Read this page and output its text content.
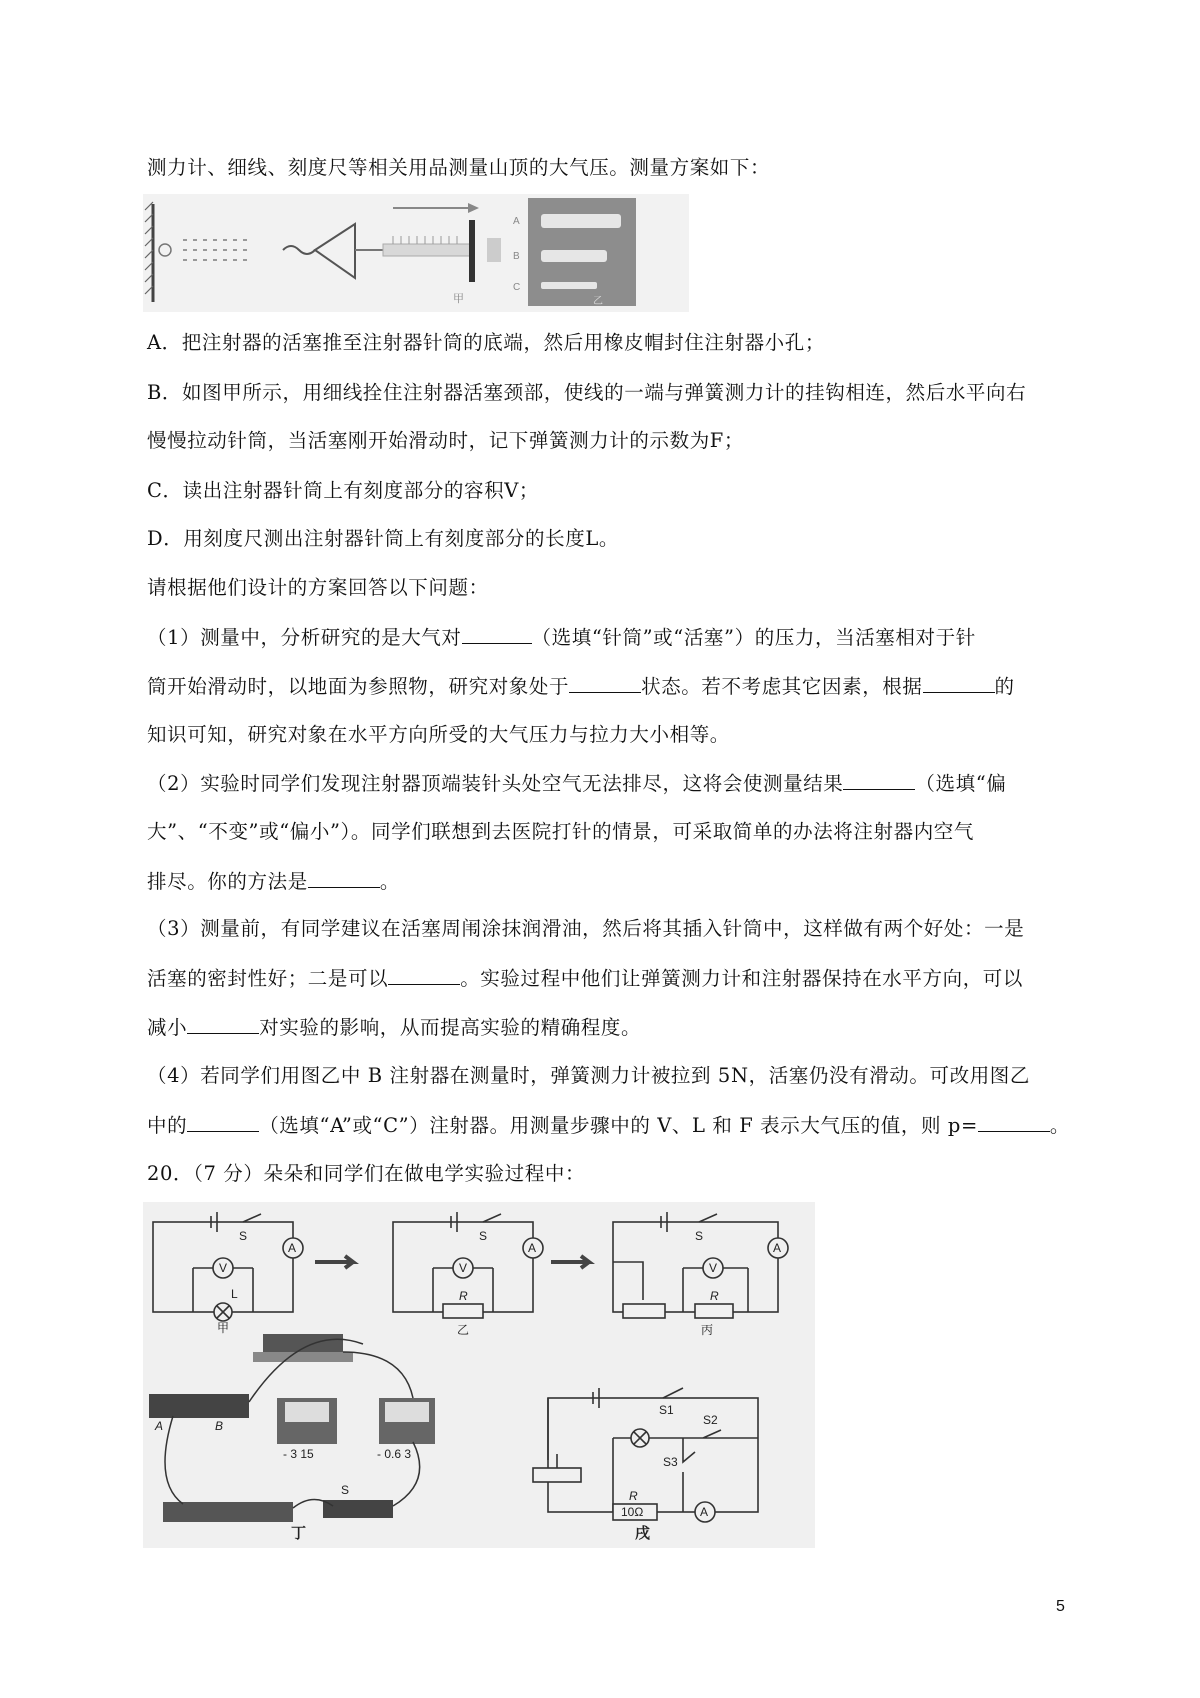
测力计、细线、刻度尺等相关用品测量山顶的大气压。测量方案如下：
甲
A
B
C
乙
A．把注射器的活塞推至注射器针筒的底端，然后用橡皮帽封住注射器小孔；
B．如图甲所示，用细线拴住注射器活塞颈部，使线的一端与弹簧测力计的挂钩相连，然后水平向右
慢慢拉动针筒，当活塞刚开始滑动时，记下弹簧测力计的示数为F；
C．读出注射器针筒上有刻度部分的容积V；
D．用刻度尺测出注射器针筒上有刻度部分的长度L。
请根据他们设计的方案回答以下问题：
（1）测量中，分析研究的是大气对	（选填“针筒”或“活塞”）的压力，当活塞相对于针
筒开始滑动时，以地面为参照物，研究对象处于	状态。若不考虑其它因素，根据	的
知识可知，研究对象在水平方向所受的大气压力与拉力大小相等。
（2）实验时同学们发现注射器顶端装针头处空气无法排尽，这将会使测量结果	（选填“偏
大”、“不变”或“偏小”）。同学们联想到去医院打针的情景，可采取简单的办法将注射器内空气
排尽。你的方法是	。
（3）测量前，有同学建议在活塞周闱涂抹润滑油，然后将其插入针筒中，这样做有两个好处：一是
活塞的密封性好；二是可以	。实验过程中他们让弹簧测力计和注射器保持在水平方向，可以
减小	对实验的影响，从而提高实验的精确程度。
（4）若同学们用图乙中 B 注射器在测量时，弹簧测力计被拉到 5N，活塞仍没有滑动。可改用图乙
中的	（选填“A”或“C”）注射器。用测量步骤中的 V、L 和 F 表示大气压的值，则 p=	。
20．（7 分）朵朵和同学们在做电学实验过程中：
S
A
V
L
甲
S
A
V
R
乙
S
A
V
R
丙
S1
S2
S3
R
10Ω	A
A	B
- 3 15	- 0.6 3
S
丁	戌
5
